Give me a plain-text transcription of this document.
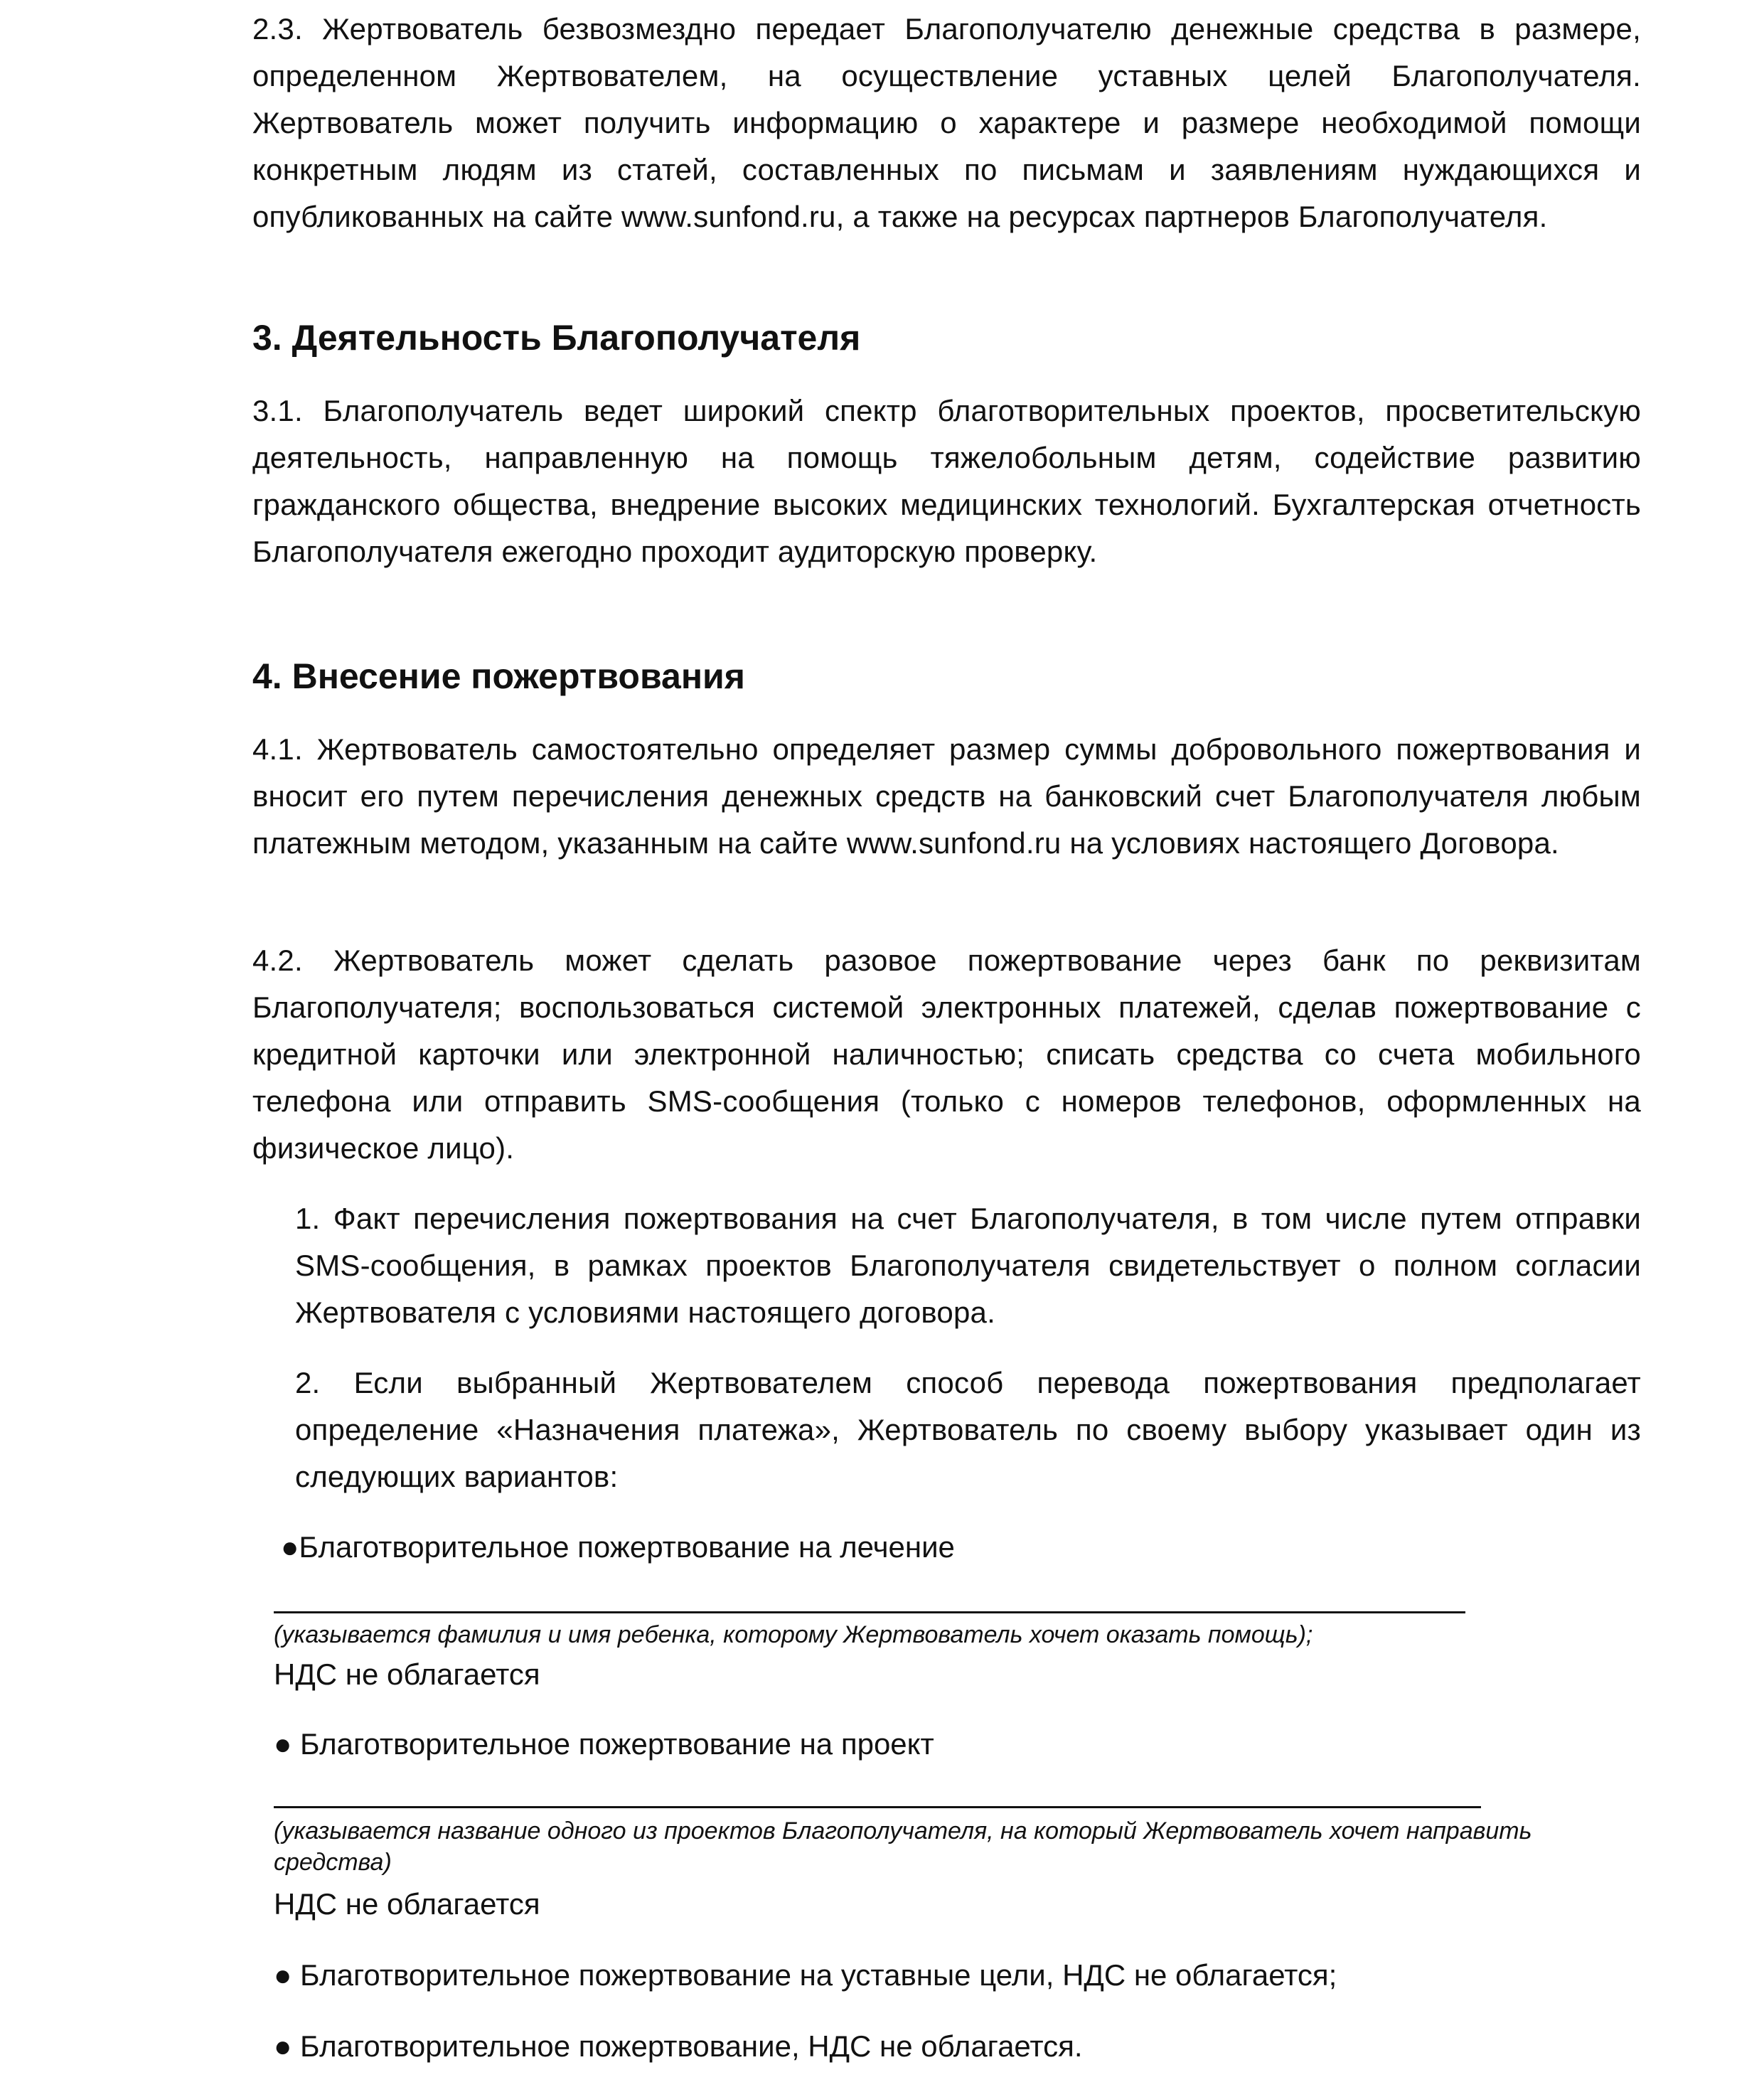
2.3. Жертвователь безвозмездно передает Благополучателю денежные средства в размере, определенном Жертвователем, на осуществление уставных целей Благополучателя. Жертвователь может получить информацию о характере и размере необходимой помощи конкретным людям из статей, составленных по письмам и заявлениям нуждающихся и опубликованных на сайте www.sunfond.ru, а также на ресурсах партнеров Благополучателя.

3. Деятельность Благополучателя

3.1. Благополучатель ведет широкий спектр благотворительных проектов, просветительскую деятельность, направленную на помощь тяжелобольным детям, содействие развитию гражданского общества, внедрение высоких медицинских технологий. Бухгалтерская отчетность Благополучателя ежегодно проходит аудиторскую проверку.

4. Внесение пожертвования

4.1. Жертвователь самостоятельно определяет размер суммы добровольного пожертвования и вносит его путем перечисления денежных средств на банковский счет Благополучателя любым платежным методом, указанным на сайте www.sunfond.ru на условиях настоящего Договора.

4.2. Жертвователь может сделать разовое пожертвование через банк по реквизитам Благополучателя; воспользоваться системой электронных платежей, сделав пожертвование с кредитной карточки или электронной наличностью; списать средства со счета мобильного телефона или отправить SMS-сообщения (только с номеров телефонов, оформленных на физическое лицо).

1. Факт перечисления пожертвования на счет Благополучателя, в том числе путем отправки SMS-сообщения, в рамках проектов Благополучателя свидетельствует о полном согласии Жертвователя с условиями настоящего договора.

2. Если выбранный Жертвователем способ перевода пожертвования предполагает определение «Назначения платежа», Жертвователь по своему выбору указывает один из следующих вариантов:

●Благотворительное пожертвование на лечение

(указывается фамилия и имя ребенка, которому Жертвователь хочет оказать помощь);

НДС не облагается

● Благотворительное пожертвование на проект

(указывается название одного из проектов Благополучателя, на который Жертвователь хочет направить средства)

НДС не облагается

● Благотворительное пожертвование на уставные цели, НДС не облагается;

● Благотворительное пожертвование, НДС не облагается.
